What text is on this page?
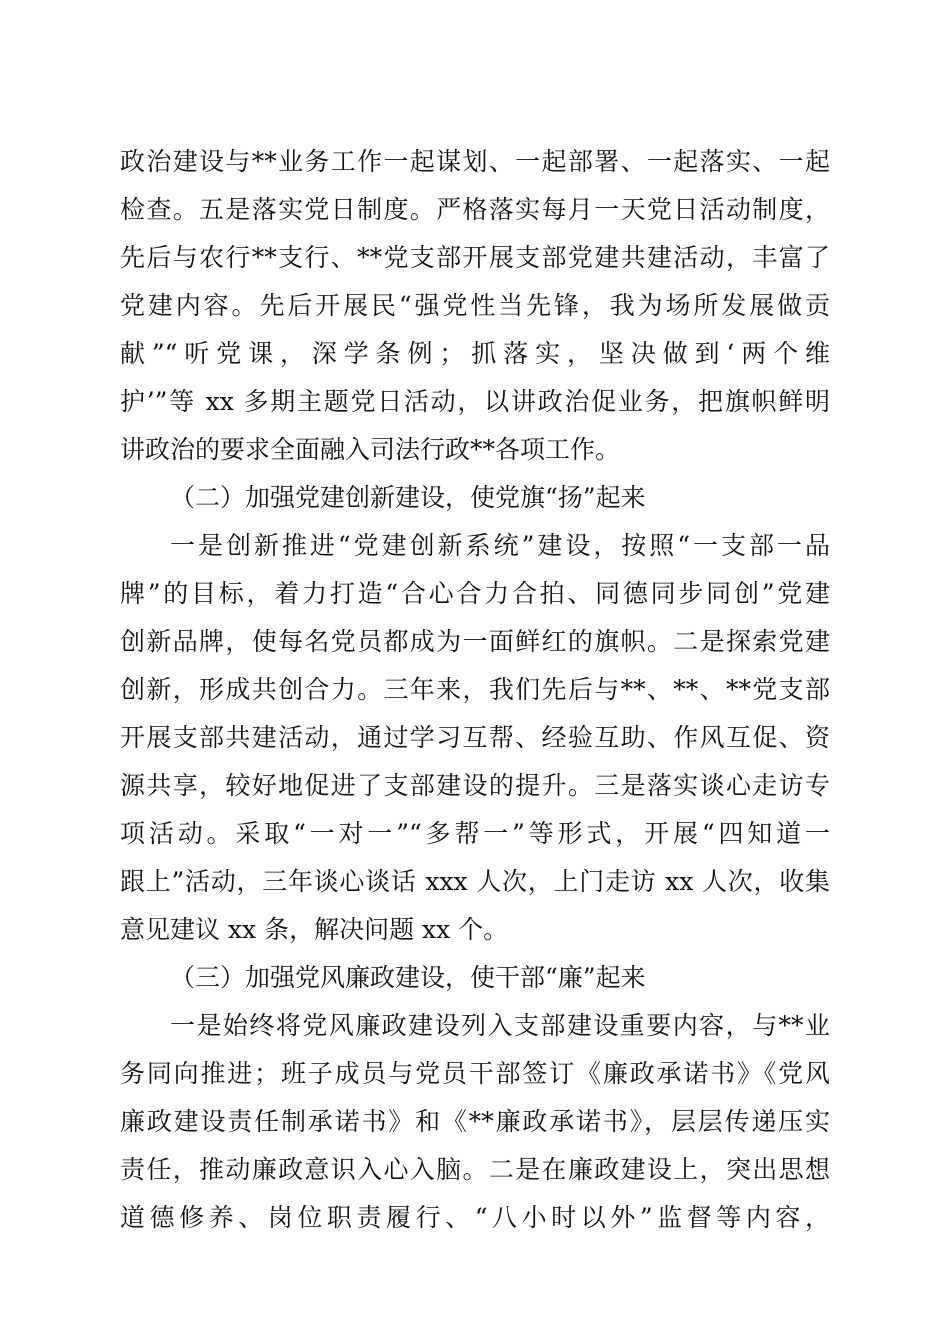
政治建设与**业务工作一起谋划、一起部署、一起落实、一起
检查。五是落实党日制度。严格落实每月一天党日活动制度，
先后与农行**支行、**党支部开展支部党建共建活动，丰富了
党建内容。先后开展民“强党性当先锋，我为场所发展做贡
献”“听党课，深学条例；抓落实，坚决做到‘两个维
护’”等 xx 多期主题党日活动，以讲政治促业务，把旗帜鲜明
讲政治的要求全面融入司法行政**各项工作。
（二）加强党建创新建设，使党旗“扬”起来
一是创新推进“党建创新系统”建设，按照“一支部一品
牌”的目标，着力打造“合心合力合拍、同德同步同创”党建
创新品牌，使每名党员都成为一面鲜红的旗帜。二是探索党建
创新，形成共创合力。三年来，我们先后与**、**、**党支部
开展支部共建活动，通过学习互帮、经验互助、作风互促、资
源共享，较好地促进了支部建设的提升。三是落实谈心走访专
项活动。采取“一对一”“多帮一”等形式，开展“四知道一
跟上”活动，三年谈心谈话 xxx 人次，上门走访 xx 人次，收集
意见建议 xx 条，解决问题 xx 个。
（三）加强党风廉政建设，使干部“廉”起来
一是始终将党风廉政建设列入支部建设重要内容，与**业
务同向推进；班子成员与党员干部签订《廉政承诺书》《党风
廉政建设责任制承诺书》和《**廉政承诺书》，层层传递压实
责任，推动廉政意识入心入脑。二是在廉政建设上，突出思想
道德修养、岗位职责履行、“八小时以外”监督等内容，
